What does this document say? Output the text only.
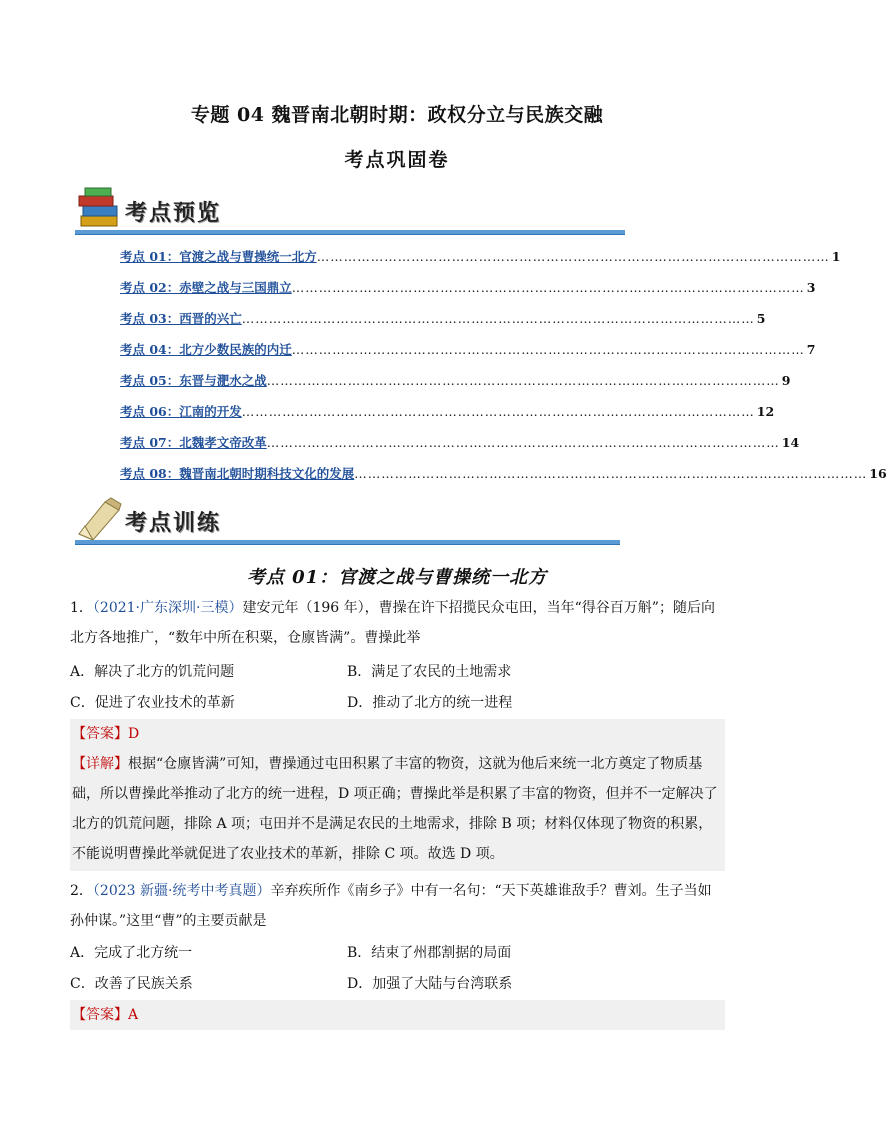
专题 04 魏晋南北朝时期：政权分立与民族交融
考点巩固卷
考点预览
考点 01：官渡之战与曹操统一北方 …………………………………………………………………………………………………… 1
考点 02：赤壁之战与三国鼎立 …………………………………………………………………………………………………… 3
考点 03：西晋的兴亡 …………………………………………………………………………………………………… 5
考点 04：北方少数民族的内迁 …………………………………………………………………………………………………… 7
考点 05：东晋与淝水之战 …………………………………………………………………………………………………… 9
考点 06：江南的开发 …………………………………………………………………………………………………… 12
考点 07：北魏孝文帝改革 …………………………………………………………………………………………………… 14
考点 08：魏晋南北朝时期科技文化的发展 …………………………………………………………………………………………………… 16
考点训练
考点 01：官渡之战与曹操统一北方
1．（2021·广东深圳·三模）建安元年（196 年），曹操在许下招揽民众屯田，当年“得谷百万斛”；随后向北方各地推广，“数年中所在积粟，仓廪皆满”。曹操此举
A．解决了北方的饥荒问题	B．满足了农民的土地需求
C．促进了农业技术的革新	D．推动了北方的统一进程
【答案】D
【详解】根据“仓廪皆满”可知，曹操通过屯田积累了丰富的物资，这就为他后来统一北方奠定了物质基础，所以曹操此举推动了北方的统一进程，D 项正确；曹操此举是积累了丰富的物资，但并不一定解决了北方的饥荒问题，排除 A 项；屯田并不是满足农民的土地需求，排除 B 项；材料仅体现了物资的积累，不能说明曹操此举就促进了农业技术的革新，排除 C 项。故选 D 项。
2．（2023 新疆·统考中考真题）辛弃疾所作《南乡子》中有一名句：“天下英雄谁敌手？曹刘。生子当如孙仲谋。”这里“曹”的主要贡献是
A．完成了北方统一	B．结束了州郡割据的局面
C．改善了民族关系	D．加强了大陆与台湾联系
【答案】A
